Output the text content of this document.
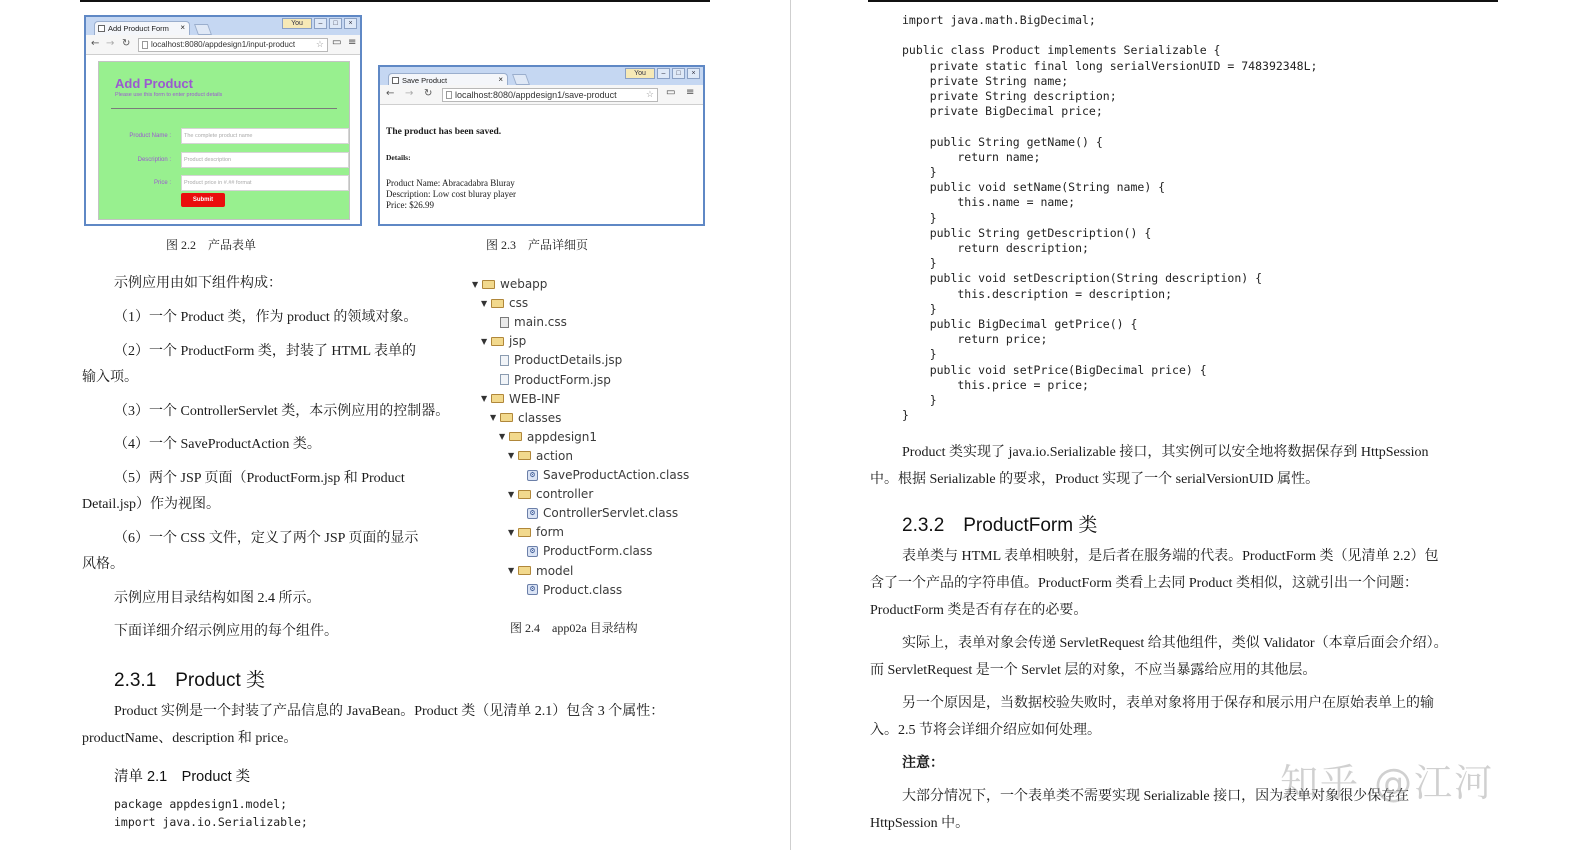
Add Product Form ×	You	–	□	×
← → ↻	localhost:8080/appdesign1/input-product ☆ ▭ ≡
Add Product
Please use this form to enter product details
Product Name :	The complete product name
Description :	Product description
Price :	Product price in #.## format
Submit
图 2.2　产品表单
Save Product	×
You	–	□	×
← → ↻	localhost:8080/appdesign1/save-product	☆ ▭ ≡
The product has been saved.
Details:
Product Name: Abracadabra Bluray
Description: Low cost bluray player
Price: $26.99
图 2.3　产品详细页
示例应用由如下组件构成：
（1）一个 Product 类，作为 product 的领域对象。
（2）一个 ProductForm 类，封装了 HTML 表单的
输入项。
（3）一个 ControllerServlet 类，本示例应用的控制器。
（4）一个 SaveProductAction 类。
（5）两个 JSP 页面（ProductForm.jsp 和 Product
Detail.jsp）作为视图。
（6）一个 CSS 文件，定义了两个 JSP 页面的显示
风格。
示例应用目录结构如图 2.4 所示。
下面详细介绍示例应用的每个组件。
2.3.1　Product 类
Product 实例是一个封装了产品信息的 JavaBean。Product 类（见清单 2.1）包含 3 个属性：
productName、description 和 price。
清单 2.1　Product 类
package appdesign1.model;
import java.io.Serializable;
▼	webapp
▼	css
main.css
▼	jsp
ProductDetails.jsp
ProductForm.jsp
▼	WEB-INF
▼	classes
▼	appdesign1
▼	action
⚙ SaveProductAction.class
▼	controller
⚙ ControllerServlet.class
▼	form
⚙ ProductForm.class
▼	model
⚙ Product.class
图 2.4　app02a 目录结构
import java.math.BigDecimal;
public class Product implements Serializable {
private static final long serialVersionUID = 748392348L;
private String name;
private String description;
private BigDecimal price;
public String getName() {
return name;
}
public void setName(String name) {
this.name = name;
}
public String getDescription() {
return description;
}
public void setDescription(String description) {
this.description = description;
}
public BigDecimal getPrice() {
return price;
}
public void setPrice(BigDecimal price) {
this.price = price;
}
}
Product 类实现了 java.io.Serializable 接口，其实例可以安全地将数据保存到 HttpSession
中。根据 Serializable 的要求，Product 实现了一个 serialVersionUID 属性。
2.3.2　ProductForm 类
表单类与 HTML 表单相映射，是后者在服务端的代表。ProductForm 类（见清单 2.2）包
含了一个产品的字符串值。ProductForm 类看上去同 Product 类相似，这就引出一个问题：
ProductForm 类是否有存在的必要。
实际上，表单对象会传递 ServletRequest 给其他组件，类似 Validator（本章后面会介绍）。
而 ServletRequest 是一个 Servlet 层的对象，不应当暴露给应用的其他层。
另一个原因是，当数据校验失败时，表单对象将用于保存和展示用户在原始表单上的输
入。2.5 节将会详细介绍应如何处理。
注意：
大部分情况下，一个表单类不需要实现 Serializable 接口，因为表单对象很少保存在
HttpSession 中。
知乎 @江河
